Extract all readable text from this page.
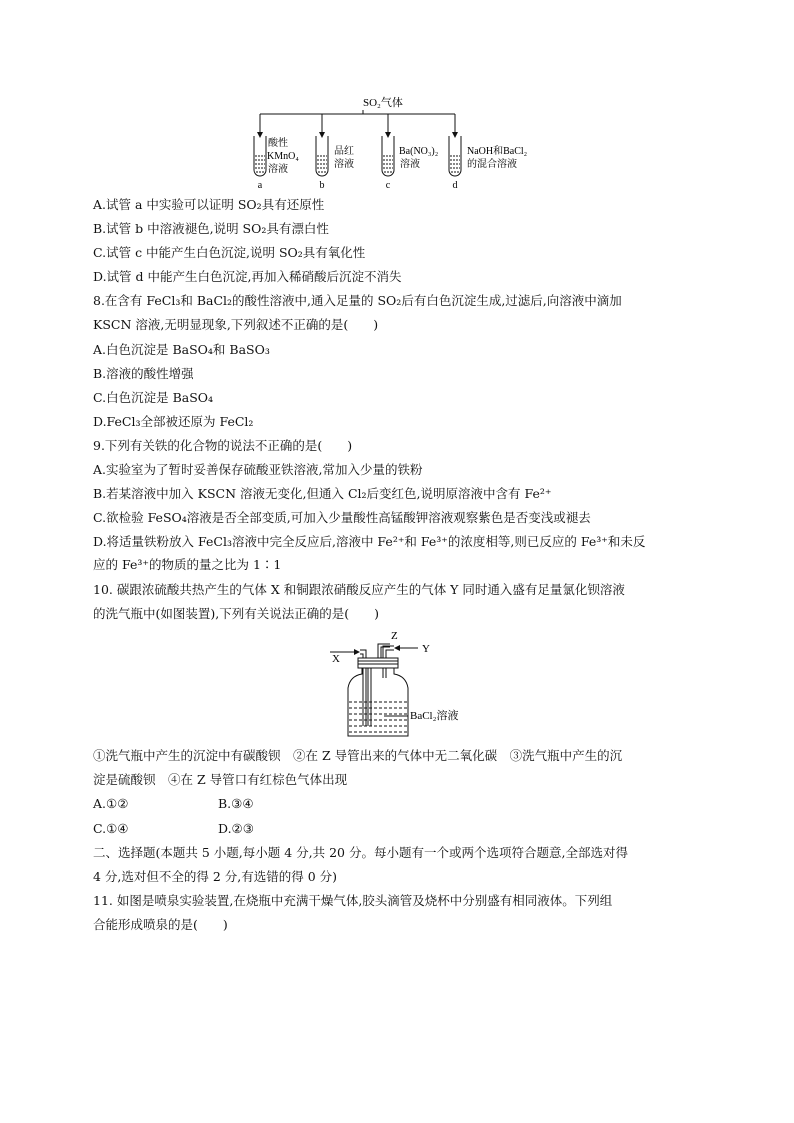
SO₂气体
酸性
KMnO₄
溶液
品红
溶液
Ba(NO₃)₂
溶液
NaOH和BaCl₂
的混合溶液
a	b	c	d
A.试管 a 中实验可以证明 SO₂具有还原性
B.试管 b 中溶液褪色,说明 SO₂具有漂白性
C.试管 c 中能产生白色沉淀,说明 SO₂具有氧化性
D.试管 d 中能产生白色沉淀,再加入稀硝酸后沉淀不消失
8.在含有 FeCl₃和 BaCl₂的酸性溶液中,通入足量的 SO₂后有白色沉淀生成,过滤后,向溶液中滴加
KSCN 溶液,无明显现象,下列叙述不正确的是(　　)
A.白色沉淀是 BaSO₄和 BaSO₃
B.溶液的酸性增强
C.白色沉淀是 BaSO₄
D.FeCl₃全部被还原为 FeCl₂
9.下列有关铁的化合物的说法不正确的是(　　)
A.实验室为了暂时妥善保存硫酸亚铁溶液,常加入少量的铁粉
B.若某溶液中加入 KSCN 溶液无变化,但通入 Cl₂后变红色,说明原溶液中含有 Fe²⁺
C.欲检验 FeSO₄溶液是否全部变质,可加入少量酸性高锰酸钾溶液观察紫色是否变浅或褪去
D.将适量铁粉放入 FeCl₃溶液中完全反应后,溶液中 Fe²⁺和 Fe³⁺的浓度相等,则已反应的 Fe³⁺和未反
应的 Fe³⁺的物质的量之比为 1∶1
10. 碳跟浓硫酸共热产生的气体 X 和铜跟浓硝酸反应产生的气体 Y 同时通入盛有足量氯化钡溶液
的洗气瓶中(如图装置),下列有关说法正确的是(　　)
X
Z
Y
BaCl₂溶液
①洗气瓶中产生的沉淀中有碳酸钡　②在 Z 导管出来的气体中无二氧化碳　③洗气瓶中产生的沉
淀是硫酸钡　④在 Z 导管口有红棕色气体出现
A.①②	B.③④
C.①④	D.②③
二、选择题(本题共 5 小题,每小题 4 分,共 20 分。每小题有一个或两个选项符合题意,全部选对得
4 分,选对但不全的得 2 分,有选错的得 0 分)
11. 如图是喷泉实验装置,在烧瓶中充满干燥气体,胶头滴管及烧杯中分别盛有相同液体。下列组
合能形成喷泉的是(　　)
